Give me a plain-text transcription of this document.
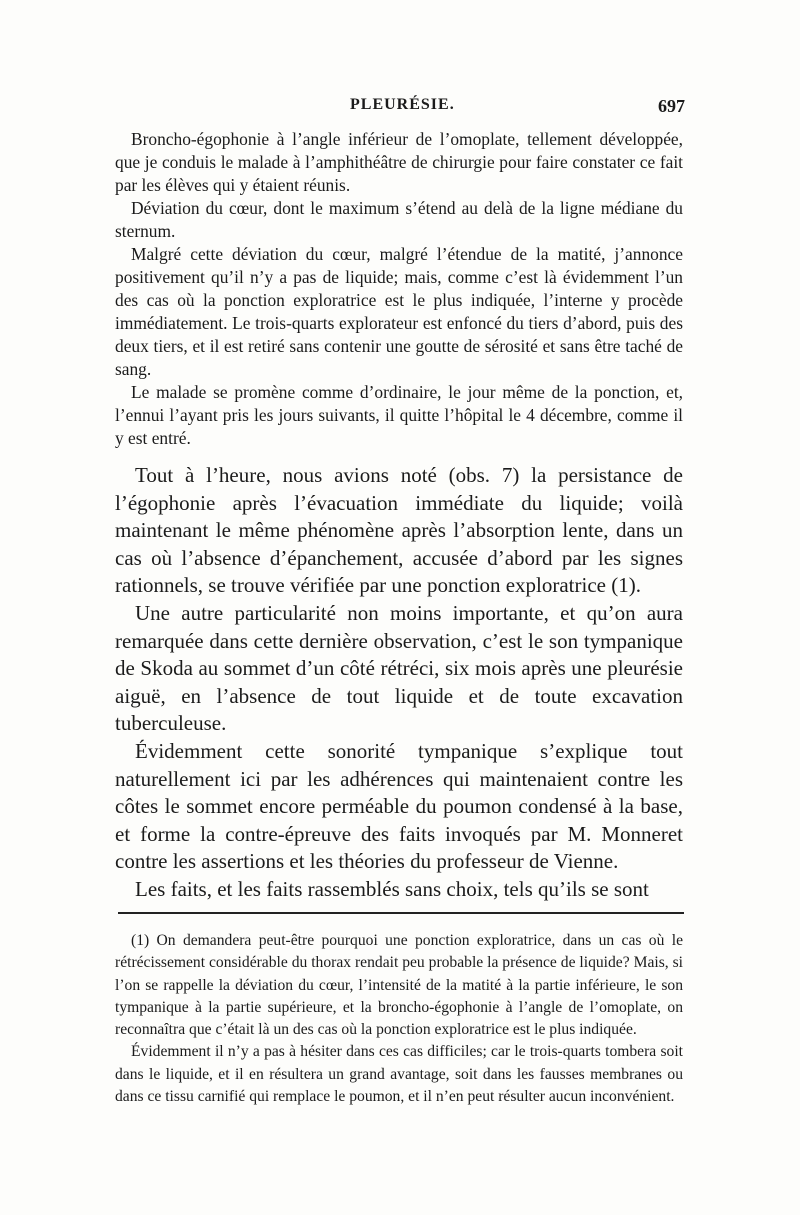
PLEURÉSIE.	697

Broncho-égophonie à l’angle inférieur de l’omoplate, tellement développée, que je conduis le malade à l’amphithéâtre de chirurgie pour faire constater ce fait par les élèves qui y étaient réunis.

Déviation du cœur, dont le maximum s’étend au delà de la ligne médiane du sternum.

Malgré cette déviation du cœur, malgré l’étendue de la matité, j’annonce positivement qu’il n’y a pas de liquide; mais, comme c’est là évidemment l’un des cas où la ponction exploratrice est le plus indiquée, l’interne y procède immédiatement. Le trois-quarts explorateur est enfoncé du tiers d’abord, puis des deux tiers, et il est retiré sans contenir une goutte de sérosité et sans être taché de sang.

Le malade se promène comme d’ordinaire, le jour même de la ponction, et, l’ennui l’ayant pris les jours suivants, il quitte l’hôpital le 4 décembre, comme il y est entré.

Tout à l’heure, nous avions noté (obs. 7) la persistance de l’égophonie après l’évacuation immédiate du liquide; voilà maintenant le même phénomène après l’absorption lente, dans un cas où l’absence d’épanchement, accusée d’abord par les signes rationnels, se trouve vérifiée par une ponction exploratrice (1).

Une autre particularité non moins importante, et qu’on aura remarquée dans cette dernière observation, c’est le son tympanique de Skoda au sommet d’un côté rétréci, six mois après une pleurésie aiguë, en l’absence de tout liquide et de toute excavation tuberculeuse.

Évidemment cette sonorité tympanique s’explique tout naturellement ici par les adhérences qui maintenaient contre les côtes le sommet encore perméable du poumon condensé à la base, et forme la contre-épreuve des faits invoqués par M. Monneret contre les assertions et les théories du professeur de Vienne.

Les faits, et les faits rassemblés sans choix, tels qu’ils se sont

(1) On demandera peut-être pourquoi une ponction exploratrice, dans un cas où le rétrécissement considérable du thorax rendait peu probable la présence de liquide? Mais, si l’on se rappelle la déviation du cœur, l’intensité de la matité à la partie inférieure, le son tympanique à la partie supérieure, et la broncho-égophonie à l’angle de l’omoplate, on reconnaîtra que c’était là un des cas où la ponction exploratrice est le plus indiquée.

Évidemment il n’y a pas à hésiter dans ces cas difficiles; car le trois-quarts tombera soit dans le liquide, et il en résultera un grand avantage, soit dans les fausses membranes ou dans ce tissu carnifié qui remplace le poumon, et il n’en peut résulter aucun inconvénient.
